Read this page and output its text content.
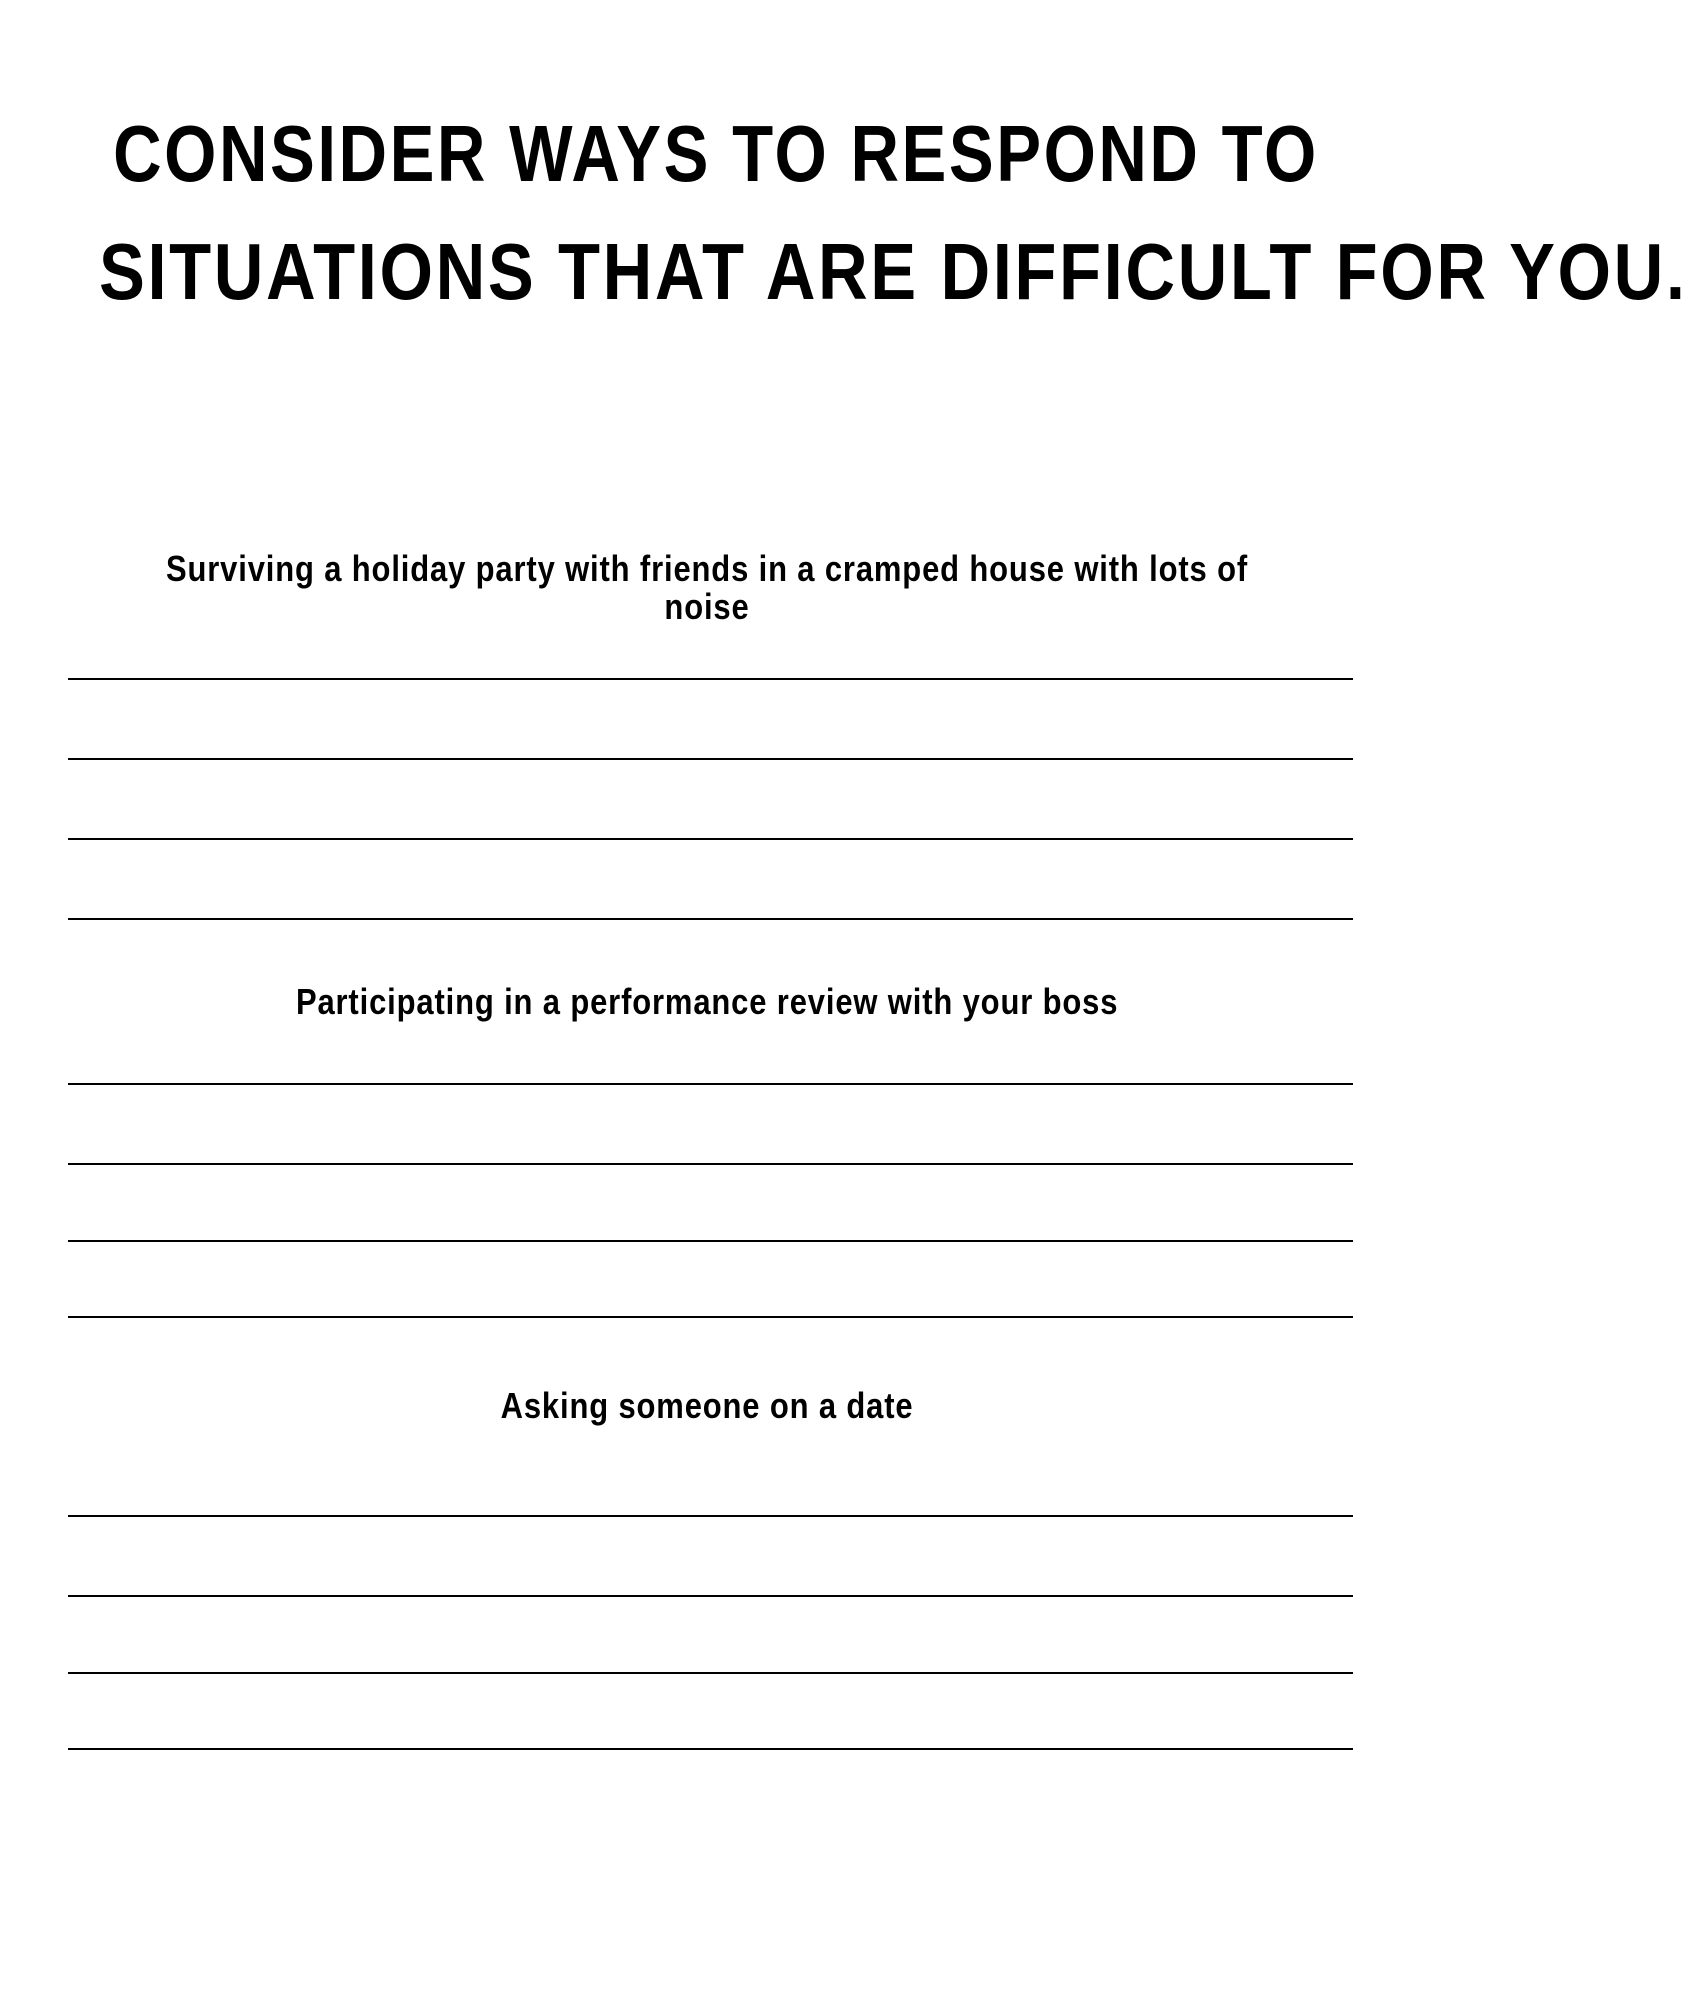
CONSIDER WAYS TO RESPOND TO
SITUATIONS THAT ARE DIFFICULT FOR YOU.
Surviving a holiday party with friends in a cramped house with lots of noise
Participating in a performance review with your boss
Asking someone on a date
